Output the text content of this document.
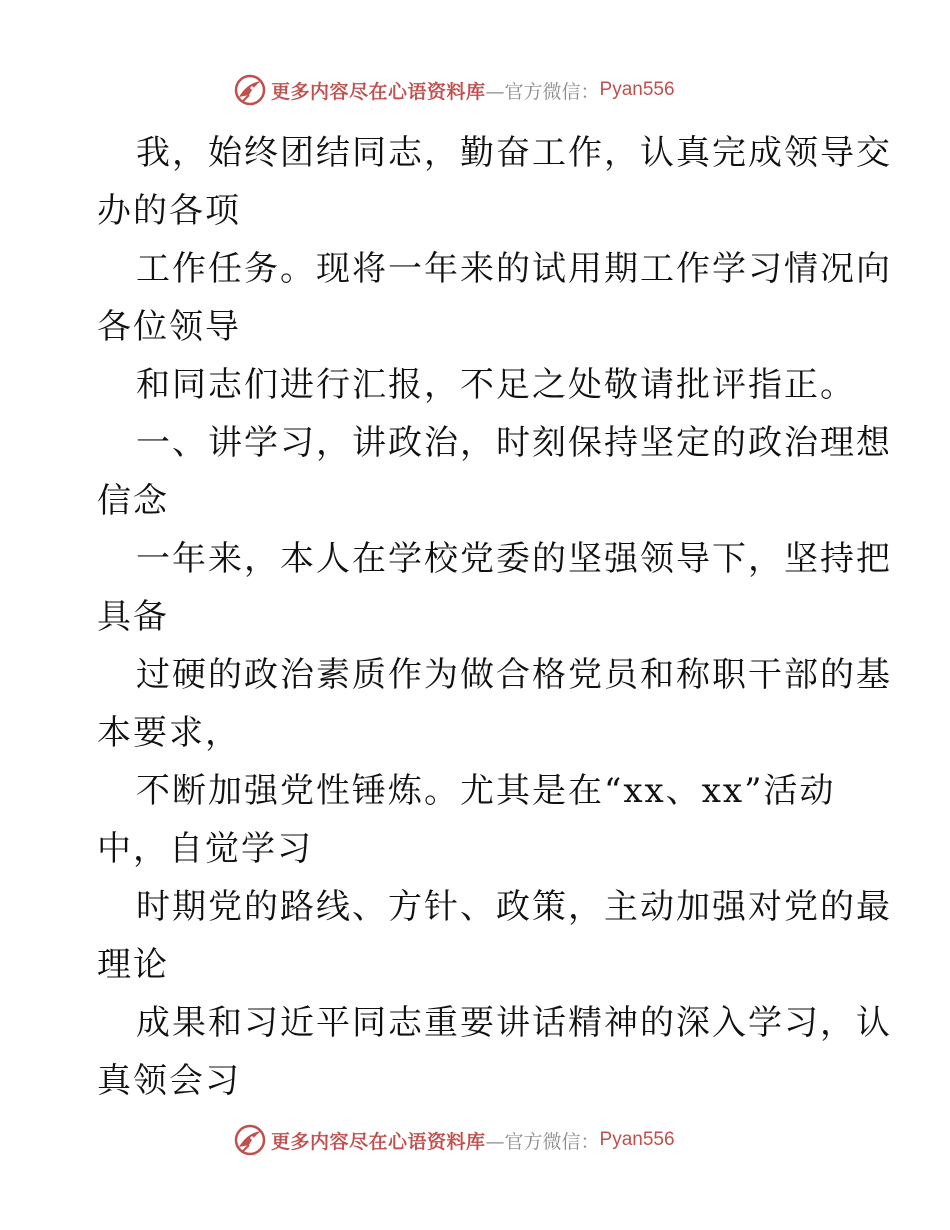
更多内容尽在心语资料库 —官方微信： Pyan556
我，始终团结同志，勤奋工作，认真完成领导交
办的各项
工作任务。现将一年来的试用期工作学习情况向
各位领导
和同志们进行汇报，不足之处敬请批评指正。
一、讲学习，讲政治，时刻保持坚定的政治理想
信念
一年来，本人在学校党委的坚强领导下，坚持把
具备
过硬的政治素质作为做合格党员和称职干部的基
本要求，
不断加强党性锤炼。尤其是在“xx、xx”活动
中，自觉学习
时期党的路线、方针、政策，主动加强对党的最
理论
成果和习近平同志重要讲话精神的深入学习，认
真领会习
更多内容尽在心语资料库 —官方微信： Pyan556
